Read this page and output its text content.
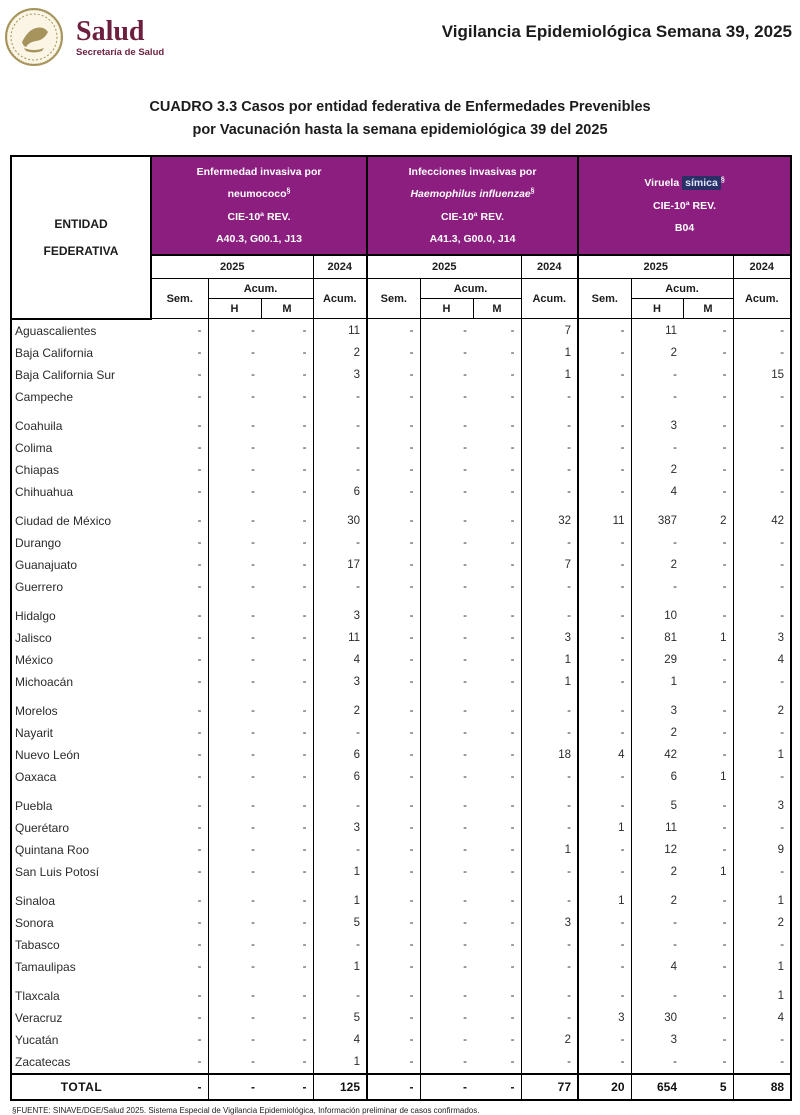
Salud
Secretaría de Salud
Vigilancia Epidemiológica Semana 39, 2025
CUADRO 3.3 Casos por entidad federativa de Enfermedades Prevenibles
por Vacunación hasta la semana epidemiológica 39 del 2025
ENTIDAD
FEDERATIVA

Enfermedad invasiva por
neumococo§
CIE-10ª REV.
A40.3, G00.1, J13

Infecciones invasivas por
Haemophilus influenzae§
CIE-10ª REV.
A41.3, G00.0, J14

Viruela símica §
CIE-10ª REV.
B04

	2025			2024	2025			2024	2025			2024
	Sem.	Acum.		Acum.	Sem.	Acum.		Acum.	Sem.	Acum.		Acum.
		H	M			H	M			H	M	
Aguascalientes	-	-	-	11	-	-	-	7	-	11	-	-
Baja California	-	-	-	2	-	-	-	1	-	2	-	-
Baja California Sur	-	-	-	3	-	-	-	1	-	-	-	15
Campeche	-	-	-	-	-	-	-	-	-	-	-	-

Coahuila	-	-	-	-	-	-	-	-	-	3	-	-
Colima	-	-	-	-	-	-	-	-	-	-	-	-
Chiapas	-	-	-	-	-	-	-	-	-	2	-	-
Chihuahua	-	-	-	6	-	-	-	-	-	4	-	-

Ciudad de México	-	-	-	30	-	-	-	32	11	387	2	42
Durango	-	-	-	-	-	-	-	-	-	-	-	-
Guanajuato	-	-	-	17	-	-	-	7	-	2	-	-
Guerrero	-	-	-	-	-	-	-	-	-	-	-	-

Hidalgo	-	-	-	3	-	-	-	-	-	10	-	-
Jalisco	-	-	-	11	-	-	-	3	-	81	1	3
México	-	-	-	4	-	-	-	1	-	29	-	4
Michoacán	-	-	-	3	-	-	-	1	-	1	-	-

Morelos	-	-	-	2	-	-	-	-	-	3	-	2
Nayarit	-	-	-	-	-	-	-	-	-	2	-	-
Nuevo León	-	-	-	6	-	-	-	18	4	42	-	1
Oaxaca	-	-	-	6	-	-	-	-	-	6	1	-

Puebla	-	-	-	-	-	-	-	-	-	5	-	3
Querétaro	-	-	-	3	-	-	-	-	1	11	-	-
Quintana Roo	-	-	-	-	-	-	-	1	-	12	-	9
San Luis Potosí	-	-	-	1	-	-	-	-	-	2	1	-

Sinaloa	-	-	-	1	-	-	-	-	1	2	-	1
Sonora	-	-	-	5	-	-	-	3	-	-	-	2
Tabasco	-	-	-	-	-	-	-	-	-	-	-	-
Tamaulipas	-	-	-	1	-	-	-	-	-	4	-	1

Tlaxcala	-	-	-	-	-	-	-	-	-	-	-	1
Veracruz	-	-	-	5	-	-	-	-	3	30	-	4
Yucatán	-	-	-	4	-	-	-	2	-	3	-	-
Zacatecas	-	-	-	1	-	-	-	-	-	-	-	-
TOTAL	-	-	-	125	-	-	-	77	20	654	5	88
§FUENTE: SINAVE/DGE/Salud 2025. Sistema Especial de Vigilancia Epidemiológica, Información preliminar de casos confirmados.
